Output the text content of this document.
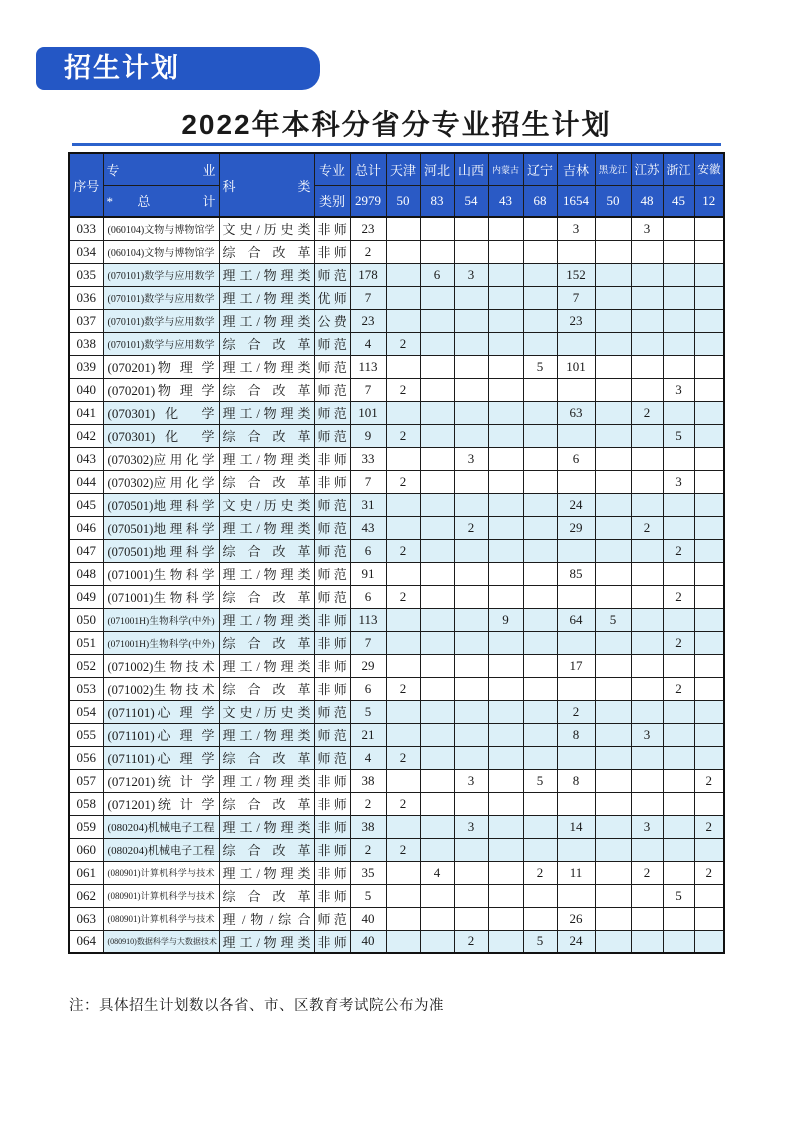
招生计划
2022年本科分省分专业招生计划
序号	专 业	科 类	专业	总计	天津	河北	山西	内蒙古	辽宁	吉林	黑龙江	江苏	浙江	安徽
	*总 计		类别	2979	50	83	54	43	68	1654	50	48	45	12
033	(060104)文物与博物馆学	文 史 / 历 史 类	非 师	23						3		3		
034	(060104)文物与博物馆学	综 合 改 革	非 师	2										
035	(070101)数学与应用数学	理 工 / 物 理 类	师 范	178		6	3			152				
036	(070101)数学与应用数学	理 工 / 物 理 类	优 师	7						7				
037	(070101)数学与应用数学	理 工 / 物 理 类	公 费	23						23				
038	(070101)数学与应用数学	综 合 改 革	师 范	4	2									
039	(070201)物 理 学	理 工 / 物 理 类	师 范	113					5	101				
040	(070201)物 理 学	综 合 改 革	师 范	7	2								3	
041	(070301)化 学	理 工 / 物 理 类	师 范	101						63		2		
042	(070301)化 学	综 合 改 革	师 范	9	2								5	
043	(070302)应 用 化 学	理 工 / 物 理 类	非 师	33			3			6				
044	(070302)应 用 化 学	综 合 改 革	非 师	7	2								3	
045	(070501)地 理 科 学	文 史 / 历 史 类	师 范	31						24				
046	(070501)地 理 科 学	理 工 / 物 理 类	师 范	43			2			29		2		
047	(070501)地 理 科 学	综 合 改 革	师 范	6	2								2	
048	(071001)生 物 科 学	理 工 / 物 理 类	师 范	91						85				
049	(071001)生 物 科 学	综 合 改 革	师 范	6	2								2	
050	(071001H)生物科学(中外)	理 工 / 物 理 类	非 师	113				9		64	5			
051	(071001H)生物科学(中外)	综 合 改 革	非 师	7									2	
052	(071002)生 物 技 术	理 工 / 物 理 类	非 师	29						17				
053	(071002)生 物 技 术	综 合 改 革	非 师	6	2								2	
054	(071101)心 理 学	文 史 / 历 史 类	师 范	5						2				
055	(071101)心 理 学	理 工 / 物 理 类	师 范	21						8		3		
056	(071101)心 理 学	综 合 改 革	师 范	4	2									
057	(071201)统 计 学	理 工 / 物 理 类	非 师	38			3		5	8				2
058	(071201)统 计 学	综 合 改 革	非 师	2	2									
059	(080204)机械电子工程	理 工 / 物 理 类	非 师	38			3			14		3		2
060	(080204)机械电子工程	综 合 改 革	非 师	2	2									
061	(080901)计算机科学与技术	理 工 / 物 理 类	非 师	35		4			2	11		2		2
062	(080901)计算机科学与技术	综 合 改 革	非 师	5									5	
063	(080901)计算机科学与技术	理 / 物 / 综 合	师 范	40						26				
064	(080910)数据科学与大数据技术	理 工 / 物 理 类	非 师	40			2		5	24				
注：具体招生计划数以各省、市、区教育考试院公布为准
